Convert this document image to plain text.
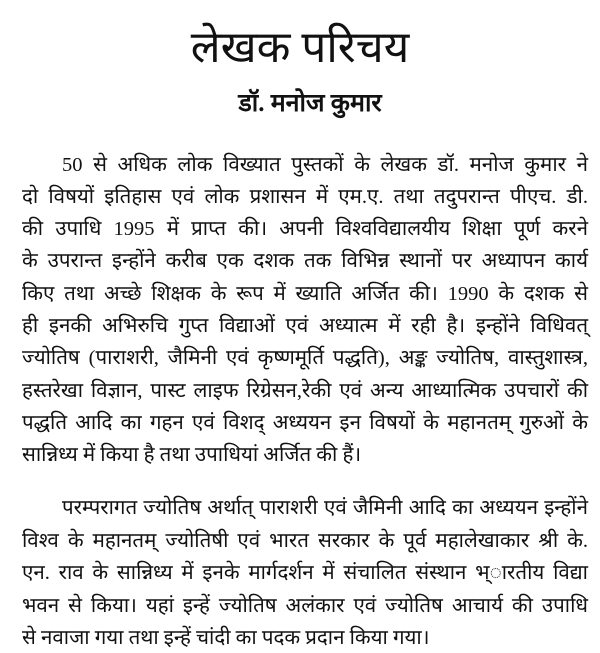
लेखक परिचय
डॉ. मनोज कुमार
50 से अधिक लोक विख्यात पुस्तकों के लेखक डॉ. मनोज कुमार ने
दो विषयों इतिहास एवं लोक प्रशासन में एम.ए. तथा तदुपरान्त पीएच. डी.
की उपाधि 1995 में प्राप्त की। अपनी विश्वविद्यालयीय शिक्षा पूर्ण करने
के उपरान्त इन्होंने करीब एक दशक तक विभिन्न स्थानों पर अध्यापन कार्य
किए तथा अच्छे शिक्षक के रूप में ख्याति अर्जित की। 1990 के दशक से
ही इनकी अभिरुचि गुप्त विद्याओं एवं अध्यात्म में रही है। इन्होंने विधिवत्
ज्योतिष (पाराशरी, जैमिनी एवं कृष्णमूर्ति पद्धति), अङ्क ज्योतिष, वास्तुशास्त्र,
हस्तरेखा विज्ञान, पास्ट लाइफ रिग्रेसन,रेकी एवं अन्य आध्यात्मिक उपचारों की
पद्धति आदि का गहन एवं विशद् अध्ययन इन विषयों के महानतम् गुरुओं के
सान्निध्य में किया है तथा उपाधियां अर्जित की हैं।
परम्परागत ज्योतिष अर्थात् पाराशरी एवं जैमिनी आदि का अध्ययन इन्होंने
विश्व के महानतम् ज्योतिषी एवं भारत सरकार के पूर्व महालेखाकार श्री के.
एन. राव के सान्निध्य में इनके मार्गदर्शन में संचालित संस्थान भ्ारतीय विद्या
भवन से किया। यहां इन्हें ज्योतिष अलंकार एवं ज्योतिष आचार्य की उपाधि
से नवाजा गया तथा इन्हें चांदी का पदक प्रदान किया गया।
